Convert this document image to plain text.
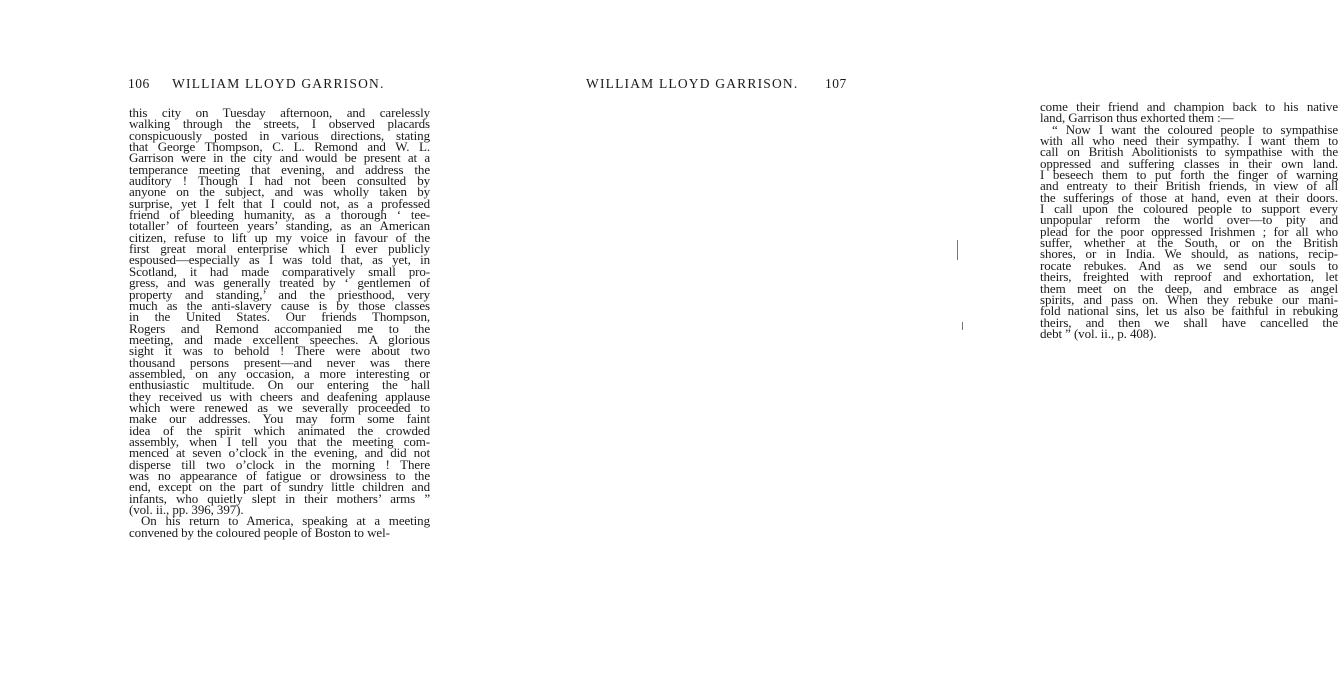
106 WILLIAM LLOYD GARRISON.
this city on Tuesday afternoon, and carelessly
walking through the streets, I observed placards
conspicuously posted in various directions, stating
that George Thompson, C. L. Remond and W. L.
Garrison were in the city and would be present at a
temperance meeting that evening, and address the
auditory ! Though I had not been consulted by
anyone on the subject, and was wholly taken by
surprise, yet I felt that I could not, as a professed
friend of bleeding humanity, as a thorough ‘ tee-
totaller’ of fourteen years’ standing, as an American
citizen, refuse to lift up my voice in favour of the
first great moral enterprise which I ever publicly
espoused—especially as I was told that, as yet, in
Scotland, it had made comparatively small pro-
gress, and was generally treated by ‘ gentlemen of
property and standing,’ and the priesthood, very
much as the anti-slavery cause is by those classes
in the United States. Our friends Thompson,
Rogers and Remond accompanied me to the
meeting, and made excellent speeches. A glorious
sight it was to behold ! There were about two
thousand persons present—and never was there
assembled, on any occasion, a more interesting or
enthusiastic multitude. On our entering the hall
they received us with cheers and deafening applause
which were renewed as we severally proceeded to
make our addresses. You may form some faint
idea of the spirit which animated the crowded
assembly, when I tell you that the meeting com-
menced at seven o’clock in the evening, and did not
disperse till two o’clock in the morning ! There
was no appearance of fatigue or drowsiness to the
end, except on the part of sundry little children and
infants, who quietly slept in their mothers’ arms ”
(vol. ii., pp. 396, 397).
On his return to America, speaking at a meeting
convened by the coloured people of Boston to wel-
WILLIAM LLOYD GARRISON. 107
come their friend and champion back to his native
land, Garrison thus exhorted them :—
“ Now I want the coloured people to sympathise
with all who need their sympathy. I want them to
call on British Abolitionists to sympathise with the
oppressed and suffering classes in their own land.
I beseech them to put forth the finger of warning
and entreaty to their British friends, in view of all
the sufferings of those at hand, even at their doors.
I call upon the coloured people to support every
unpopular reform the world over—to pity and
plead for the poor oppressed Irishmen ; for all who
suffer, whether at the South, or on the British
shores, or in India. We should, as nations, recip-
rocate rebukes. And as we send our souls to
theirs, freighted with reproof and exhortation, let
them meet on the deep, and embrace as angel
spirits, and pass on. When they rebuke our mani-
fold national sins, let us also be faithful in rebuking
theirs, and then we shall have cancelled the
debt ” (vol. ii., p. 408).
